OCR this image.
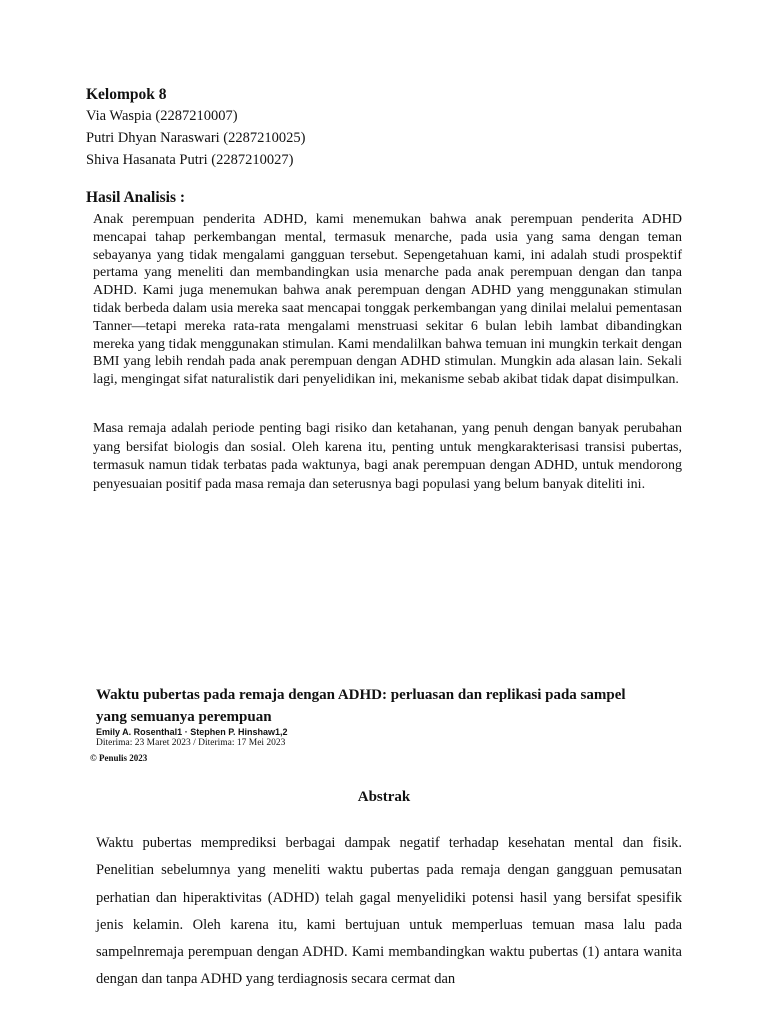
Kelompok 8
Via Waspia (2287210007)
Putri Dhyan Naraswari (2287210025)
Shiva Hasanata Putri (2287210027)
Hasil Analisis :
Anak perempuan penderita ADHD, kami menemukan bahwa anak perempuan penderita ADHD mencapai tahap perkembangan mental, termasuk menarche, pada usia yang sama dengan teman sebayanya yang tidak mengalami gangguan tersebut. Sepengetahuan kami, ini adalah studi prospektif pertama yang meneliti dan membandingkan usia menarche pada anak perempuan dengan dan tanpa ADHD. Kami juga menemukan bahwa anak perempuan dengan ADHD yang menggunakan stimulan tidak berbeda dalam usia mereka saat mencapai tonggak perkembangan yang dinilai melalui pementasan Tanner—tetapi mereka rata-rata mengalami menstruasi sekitar 6 bulan lebih lambat dibandingkan mereka yang tidak menggunakan stimulan. Kami mendalilkan bahwa temuan ini mungkin terkait dengan BMI yang lebih rendah pada anak perempuan dengan ADHD stimulan. Mungkin ada alasan lain. Sekali lagi, mengingat sifat naturalistik dari penyelidikan ini, mekanisme sebab akibat tidak dapat disimpulkan.
Masa remaja adalah periode penting bagi risiko dan ketahanan, yang penuh dengan banyak perubahan yang bersifat biologis dan sosial. Oleh karena itu, penting untuk mengkarakterisasi transisi pubertas, termasuk namun tidak terbatas pada waktunya, bagi anak perempuan dengan ADHD, untuk mendorong penyesuaian positif pada masa remaja dan seterusnya bagi populasi yang belum banyak diteliti ini.
Waktu pubertas pada remaja dengan ADHD: perluasan dan replikasi pada sampel yang semuanya perempuan
Emily A. Rosenthal1 · Stephen P. Hinshaw1,2
Diterima: 23 Maret 2023 / Diterima: 17 Mei 2023
© Penulis 2023
Abstrak
Waktu pubertas memprediksi berbagai dampak negatif terhadap kesehatan mental dan fisik. Penelitian sebelumnya yang meneliti waktu pubertas pada remaja dengan gangguan pemusatan perhatian dan hiperaktivitas (ADHD) telah gagal menyelidiki potensi hasil yang bersifat spesifik jenis kelamin. Oleh karena itu, kami bertujuan untuk memperluas temuan masa lalu pada sampelnremaja perempuan dengan ADHD. Kami membandingkan waktu pubertas (1) antara wanita dengan dan tanpa ADHD yang terdiagnosis secara cermat dan
